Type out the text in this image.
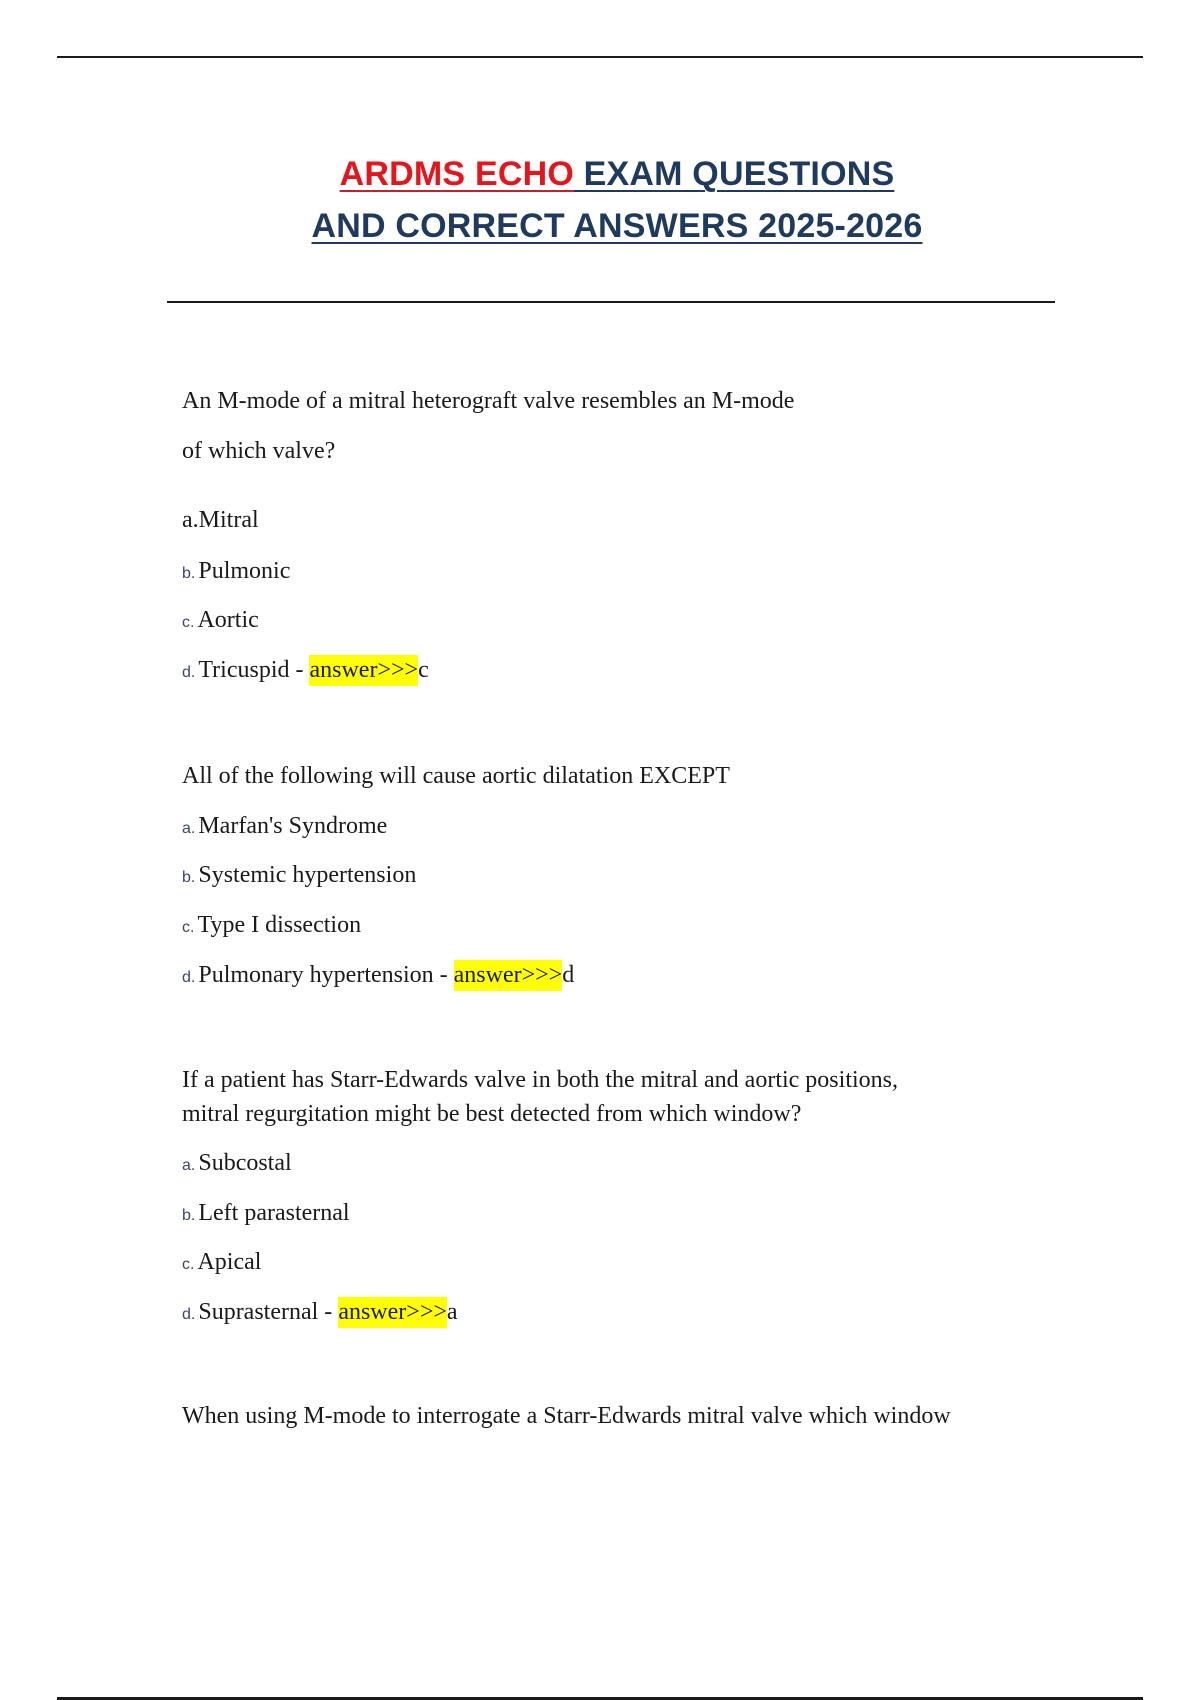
ARDMS ECHO EXAM QUESTIONS
AND CORRECT ANSWERS 2025-2026
An M-mode of a mitral heterograft valve resembles an M-mode
of which valve?
a.Mitral
b. Pulmonic
c. Aortic
d. Tricuspid - answer>>>c
All of the following will cause aortic dilatation EXCEPT
a. Marfan's Syndrome
b. Systemic hypertension
c. Type I dissection
d. Pulmonary hypertension - answer>>>d
If a patient has Starr-Edwards valve in both the mitral and aortic positions,
mitral regurgitation might be best detected from which window?
a. Subcostal
b. Left parasternal
c. Apical
d. Suprasternal - answer>>>a
When using M-mode to interrogate a Starr-Edwards mitral valve which window
